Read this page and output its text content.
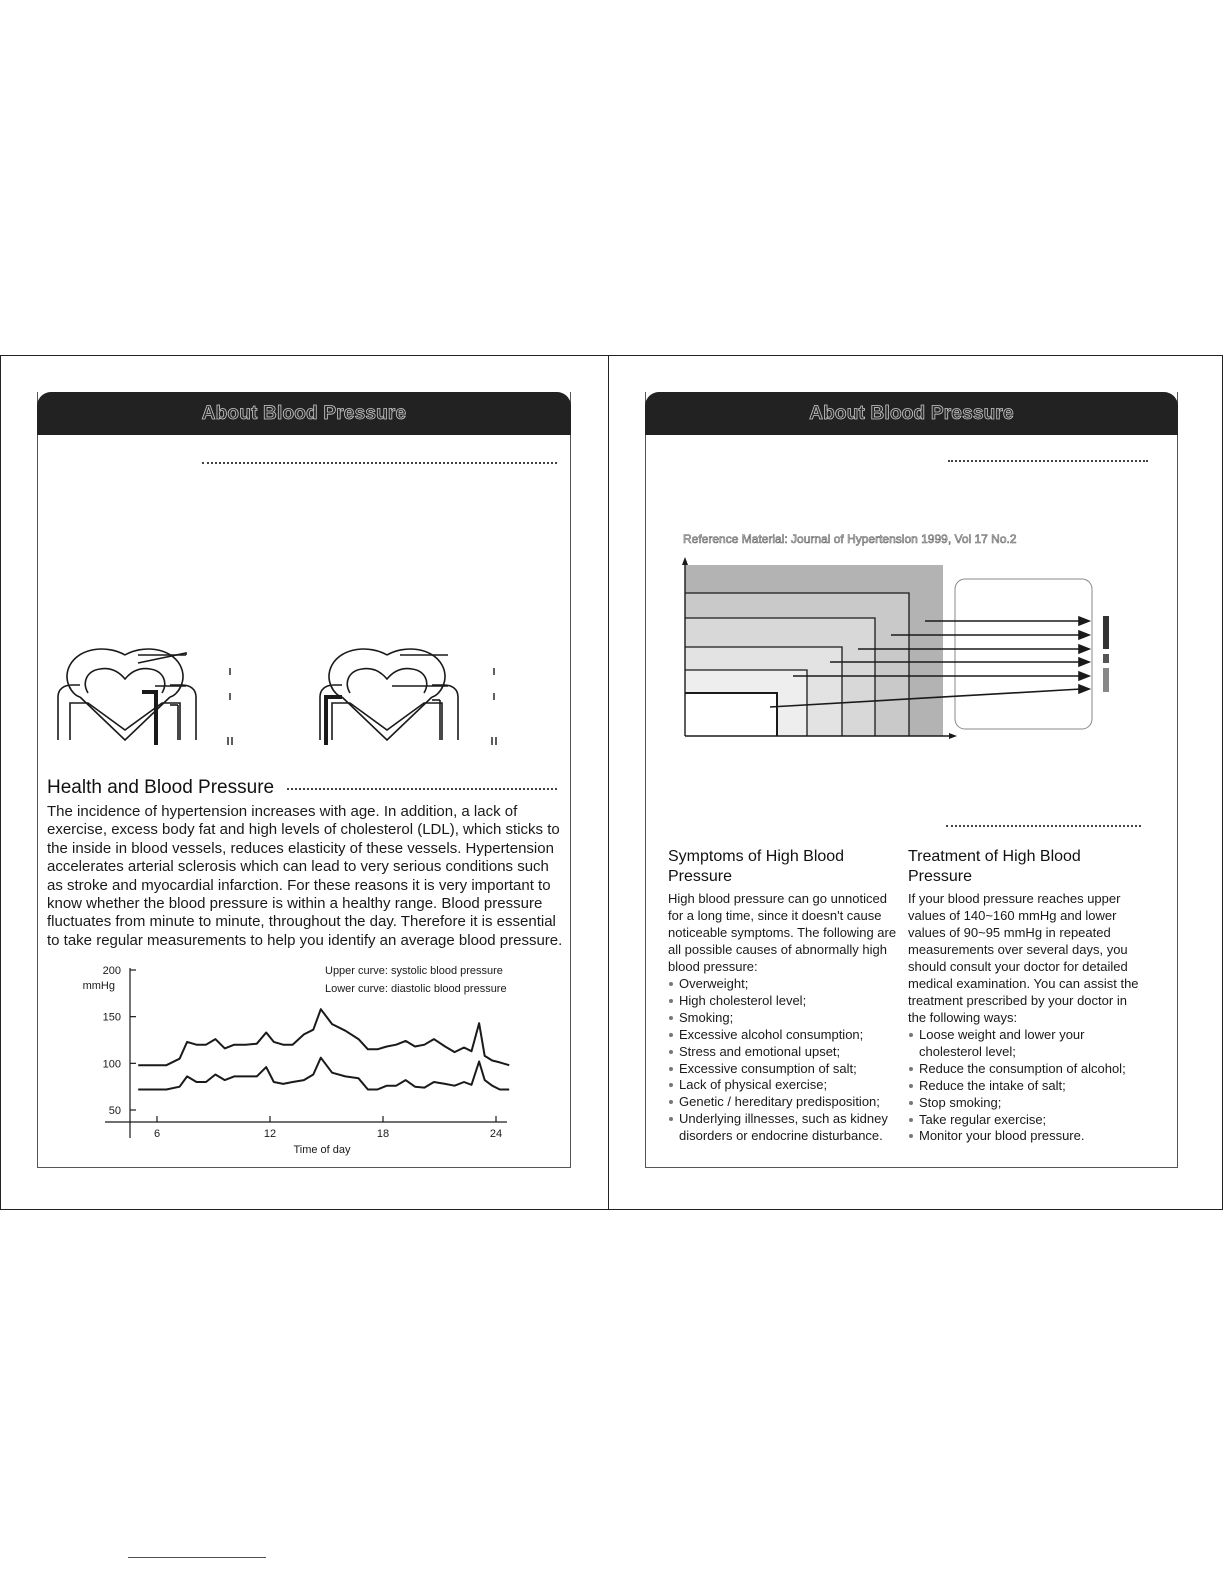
About Blood Pressure
Health and Blood Pressure

The incidence of hypertension increases with age. In addition, a lack of exercise, excess body fat and high levels of cholesterol (LDL), which sticks to the inside in blood vessels, reduces elasticity of these vessels. Hypertension accelerates arterial sclerosis which can lead to very serious conditions such as stroke and myocardial infarction. For these reasons it is very important to know whether the blood pressure is within a healthy range. Blood pressure fluctuates from minute to minute, throughout the day. Therefore it is essential to take regular measurements to help you identify an average blood pressure.

50
100
150
200
6	12	18	24
mmHg
Time of day
Upper curve: systolic blood pressure
Lower curve: diastolic blood pressure
About Blood Pressure
Reference Material: Journal of Hypertension 1999, Vol 17 No.2

Symptoms of High Blood Pressure

High blood pressure can go unnoticed for a long time, since it doesn't cause noticeable symptoms. The following are all possible causes of abnormally high blood pressure:

Overweight;
High cholesterol level;
Smoking;
Excessive alcohol consumption;
Stress and emotional upset;
Excessive consumption of salt;
Lack of physical exercise;
Genetic / hereditary predisposition;
Underlying illnesses, such as kidney disorders or endocrine disturbance.

Treatment of High Blood Pressure

If your blood pressure reaches upper values of 140~160 mmHg and lower values of 90~95 mmHg in repeated measurements over several days, you should consult your doctor for detailed medical examination. You can assist the treatment prescribed by your doctor in the following ways:

Loose weight and lower your cholesterol level;
Reduce the consumption of alcohol;
Reduce the intake of salt;
Stop smoking;
Take regular exercise;
Monitor your blood pressure.
